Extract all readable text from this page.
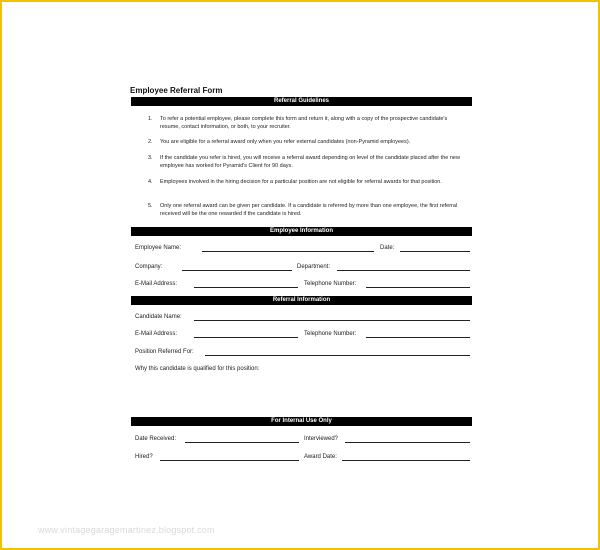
Employee Referral Form
Referral Guidelines
1.	To refer a potential employee, please complete this form and return it, along with a copy of the prospective candidate's resume, contact information, or both, to your recruiter.
2.	You are eligible for a referral award only when you refer external candidates (non-Pyramid employees).
3.	If the candidate you refer is hired, you will receive a referral award depending on level of the candidate placed after the new employee has worked for Pyramid's Client for 90 days.
4.	Employees involved in the hiring decision for a particular position are not eligible for referral awards for that position.
5.	Only one referral award can be given per candidate. If a candidate is referred by more than one employee, the first referral received will be the one rewarded if the candidate is hired.
Employee Information
Employee Name:	Date:
Company:	Department:
E-Mail Address:	Telephone Number:
Referral Information
Candidate Name:
E-Mail Address:	Telephone Number:
Position Referred For:
Why this candidate is qualified for this position:
For Internal Use Only
Date Received:	Interviewed?
Hired?	Award Date:
www.vintagegaragemartinez.blogspot.com
